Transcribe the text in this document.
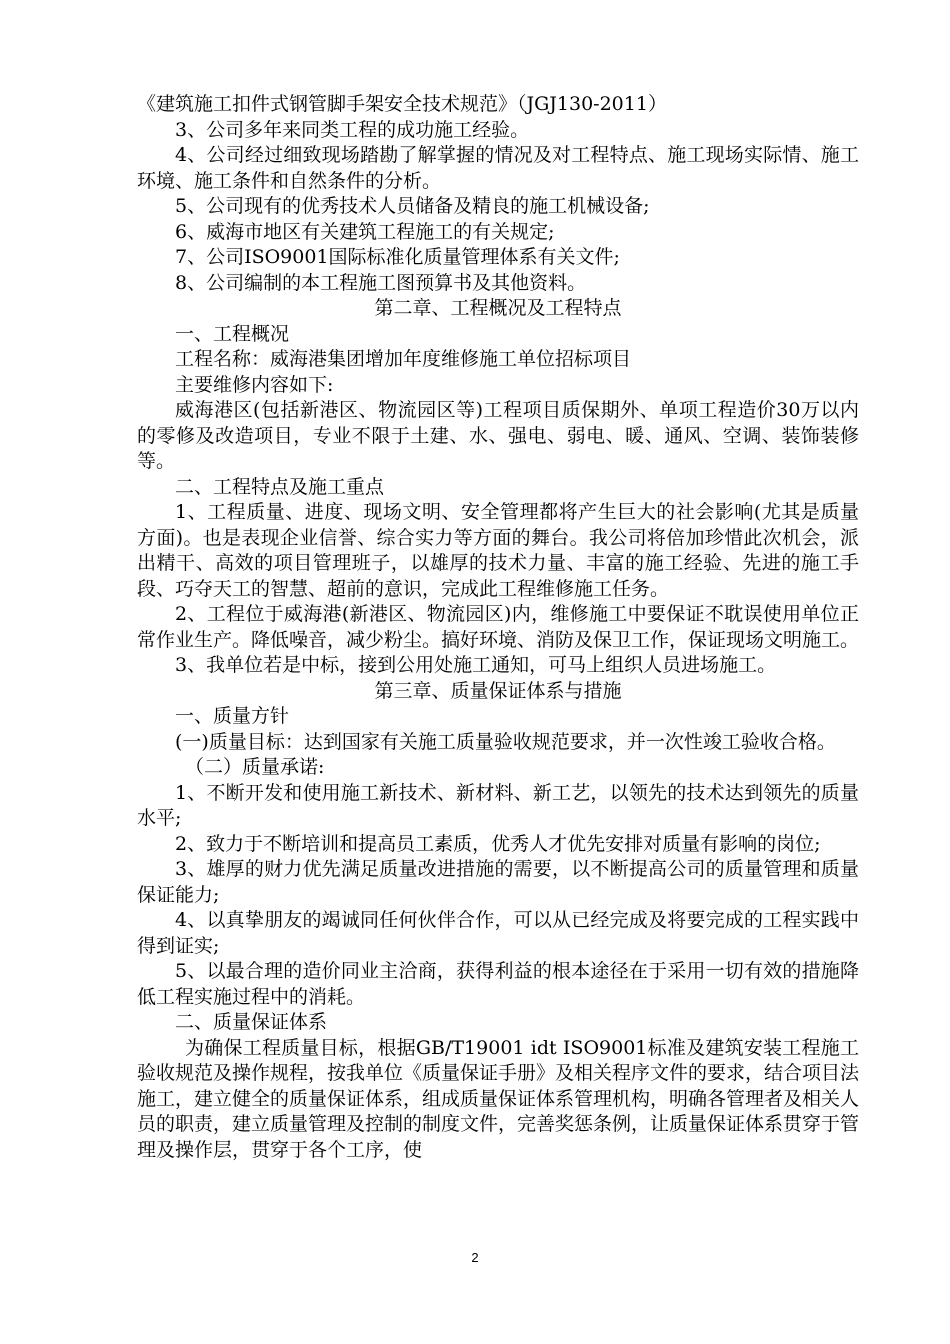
《建筑施工扣件式钢管脚手架安全技术规范》（JGJ130-2011）

3、公司多年来同类工程的成功施工经验。

4、公司经过细致现场踏勘了解掌握的情况及对工程特点、施工现场实际情、施工环境、施工条件和自然条件的分析。

5、公司现有的优秀技术人员储备及精良的施工机械设备;

6、威海市地区有关建筑工程施工的有关规定;

7、公司ISO9001国际标准化质量管理体系有关文件;

8、公司编制的本工程施工图预算书及其他资料。

第二章、工程概况及工程特点

一、工程概况

工程名称：威海港集团增加年度维修施工单位招标项目

主要维修内容如下:

威海港区(包括新港区、物流园区等)工程项目质保期外、单项工程造价30万以内的零修及改造项目，专业不限于土建、水、强电、弱电、暖、通风、空调、装饰装修等。

二、工程特点及施工重点

1、工程质量、进度、现场文明、安全管理都将产生巨大的社会影响(尤其是质量方面)。也是表现企业信誉、综合实力等方面的舞台。我公司将倍加珍惜此次机会，派出精干、高效的项目管理班子，以雄厚的技术力量、丰富的施工经验、先进的施工手段、巧夺天工的智慧、超前的意识，完成此工程维修施工任务。

2、工程位于威海港(新港区、物流园区)内，维修施工中要保证不耽误使用单位正常作业生产。降低噪音，减少粉尘。搞好环境、消防及保卫工作，保证现场文明施工。

3、我单位若是中标，接到公用处施工通知，可马上组织人员进场施工。

第三章、质量保证体系与措施

一、质量方针

(一)质量目标：达到国家有关施工质量验收规范要求，并一次性竣工验收合格。

（二）质量承诺:

1、不断开发和使用施工新技术、新材料、新工艺，以领先的技术达到领先的质量水平;

2、致力于不断培训和提高员工素质，优秀人才优先安排对质量有影响的岗位;

3、雄厚的财力优先满足质量改进措施的需要，以不断提高公司的质量管理和质量保证能力;

4、以真挚朋友的竭诚同任何伙伴合作，可以从已经完成及将要完成的工程实践中得到证实;

5、以最合理的造价同业主洽商，获得利益的根本途径在于采用一切有效的措施降低工程实施过程中的消耗。

二、质量保证体系

为确保工程质量目标，根据GB/T19001 idt ISO9001标准及建筑安装工程施工验收规范及操作规程，按我单位《质量保证手册》及相关程序文件的要求，结合项目法施工，建立健全的质量保证体系，组成质量保证体系管理机构，明确各管理者及相关人员的职责，建立质量管理及控制的制度文件，完善奖惩条例，让质量保证体系贯穿于管理及操作层，贯穿于各个工序，使

2
